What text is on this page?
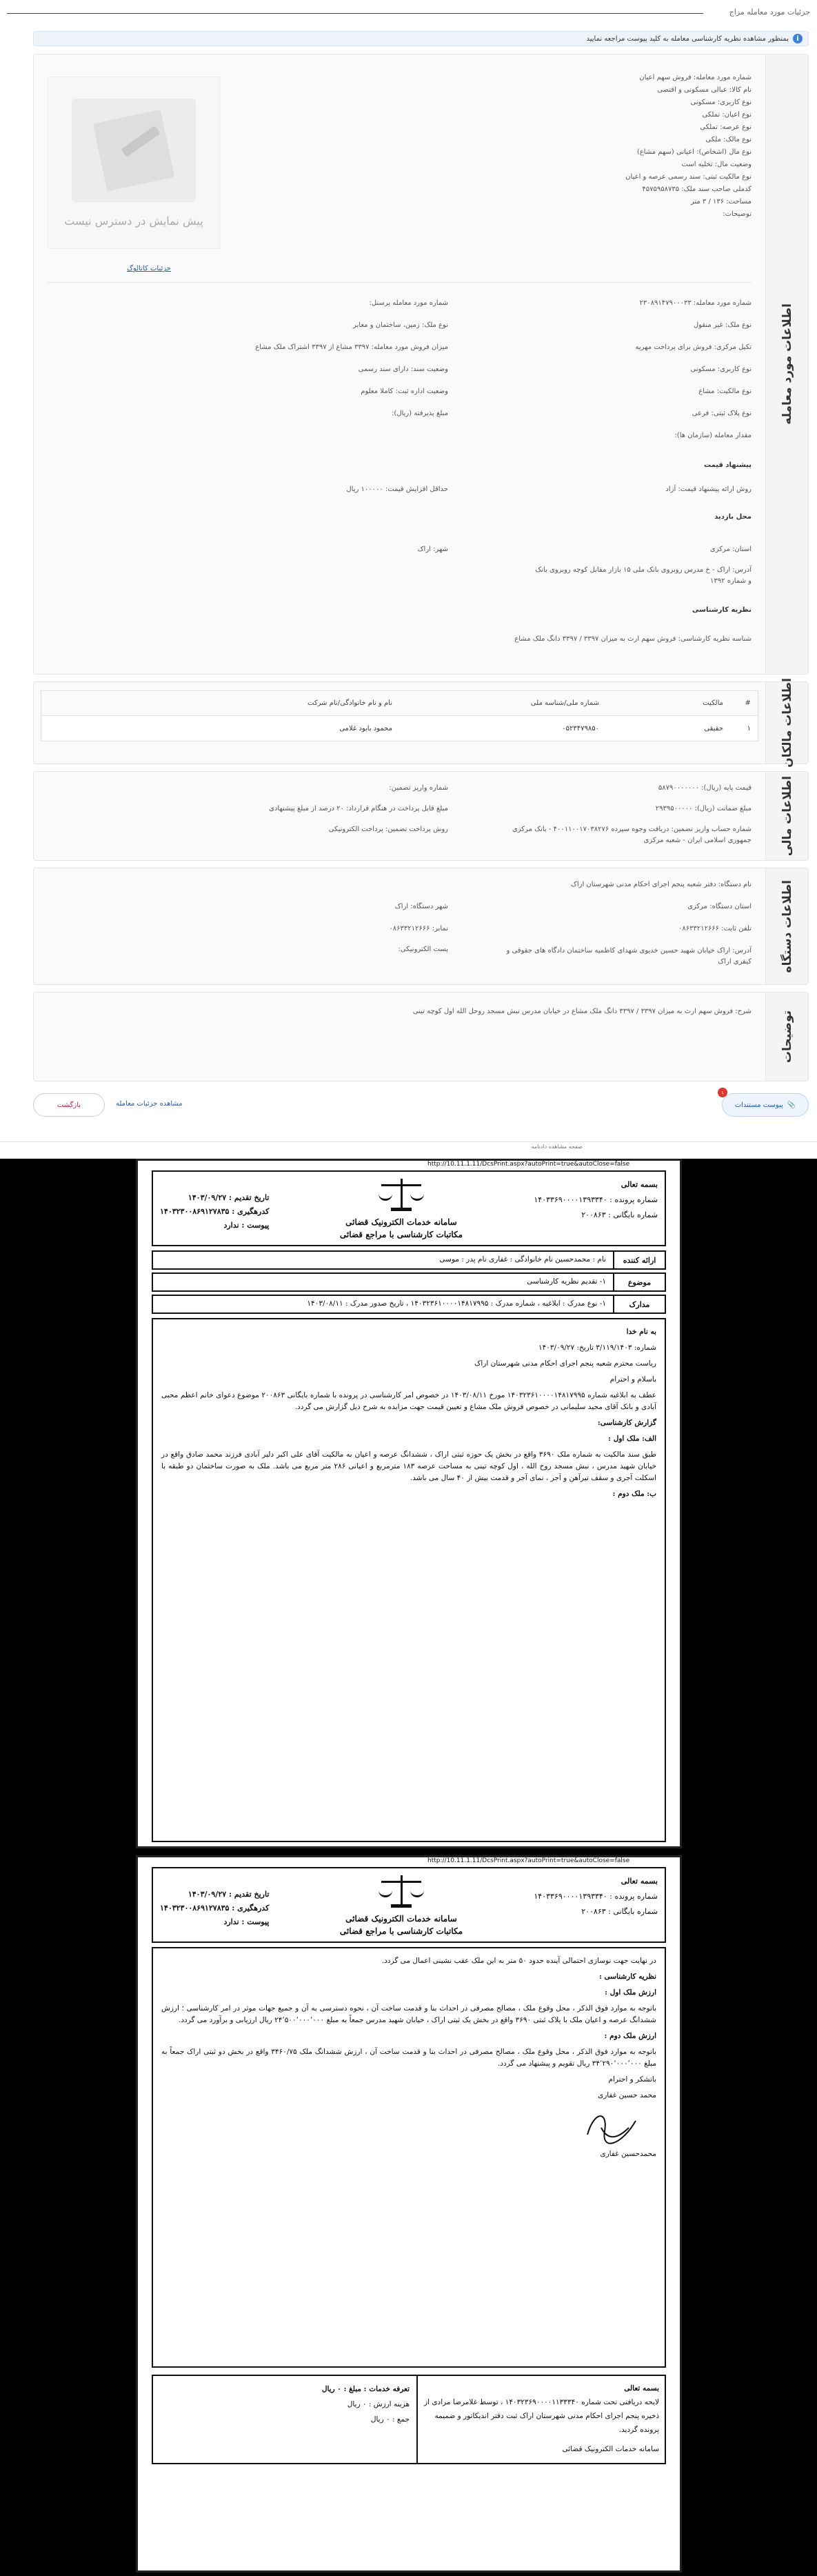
جزئیات مورد معامله مزاج
i
بمنظور مشاهده نظریه کارشناسی معامله به کلید پیوست مراجعه نمایید
اطلاعات مورد معامله
شماره مورد معامله: فروش سهم اعیان
نام کالا: عبالی مسکونی و اقتصی
نوع کاربری: مسکونی
نوع اعیان: تملکی
نوع عرصه: تملکی
نوع مالک: ملکی
نوع مال (اشخاص): اعیانی (سهم مشاع)
وضعیت مال: تخلیه است
نوع مالکیت ثبتی: سند رسمی عرصه و اعیان
کدملی صاحب سند ملک: ۴۵۷۵۹۵۸۷۳۵
مساحت: ۱۳۶ / ۳ متر
توضیحات:
پیش نمایش در دسترس نیست
جزئیات کاتالوگ
شماره مورد معامله: ۲۳۰۸۹۱۴۷۹۰۰۰۳۳
نوع ملک: غیر منقول
تکیل مرکزی: فروش برای پرداخت مهریه
نوع کاربری: مسکونی
نوع مالکیت: مشاع
نوع پلاک ثبتی: فرعی
مقدار معامله (سازمان ها):
شماره مورد معامله پرسنل:
نوع ملک: زمین، ساختمان و معابر
میزان فروش مورد معامله: ۳۳۹۷ مشاع از ۳۳۹۷ اشتراک ملک مشاع
وضعیت سند: دارای سند رسمی
وضعیت اداره ثبت: کاملا معلوم
مبلغ پذیرفته (ریال):
پیشنهاد قیمت
روش ارائه پیشنهاد قیمت: آزاد
حداقل افزایش قیمت: ۱۰۰۰۰۰ ریال
محل بازدید
استان: مرکزی
شهر: اراک
آدرس: اراک - خ مدرس روبروی بانک ملی ۱۵ بازار مقابل کوچه روبروی بانک و شماره ۱۳۹۲
نظریه کارشناسی
شناسه نظریه کارشناسی: فروش سهم ارث به میزان ۳۳۹۷ / ۳۳۹۷ دانگ ملک مشاع
اطلاعات مالکان
#
مالکیت
شماره ملی/شناسه ملی
نام و نام خانوادگی/نام شرکت
۱
حقیقی
۰۵۲۳۴۷۹۸۵۰
محمود بابود غلامی
اطلاعات مالی
قیمت پایه (ریال): ۵۸۷۹۰۰۰۰۰۰۰
مبلغ ضمانت (ریال): ۲۹۳۹۵۰۰۰۰۰
شماره حساب واریز تضمین: دریافت وجوه سپرده ۴۰۰۱۱۰۰۱۷۰۳۸۲۷۶ - بانک مرکزی جمهوری اسلامی ایران - شعبه مرکزی
شماره واریز تضمین:
مبلغ قابل پرداخت در هنگام قرارداد: ۲۰ درصد از مبلغ پیشنهادی
روش پرداخت تضمین: پرداخت الکترونیکی
اطلاعات دستگاه
نام دستگاه: دفتر شعبه پنجم اجرای احکام مدنی شهرستان اراک
استان دستگاه: مرکزی
تلفن ثابت: ۰۸۶۳۳۲۱۲۶۶۶
آدرس: اراک خیابان شهید حسین خدیوی شهدای کاظمیه ساختمان دادگاه های حقوقی و کیفری اراک
شهر دستگاه: اراک
نمابر: ۰۸۶۳۳۲۱۲۶۶۶
پست الکترونیکی:
توضیحات
شرح: فروش سهم ارث به میزان ۳۳۹۷ / ۳۳۹۷ دانگ ملک مشاع در خیابان مدرس نبش مسجد روحل الله اول کوچه تینی
📎
پیوست مستندات
۱
مشاهده جزئیات معامله
بازگشت
صفحه مشاهده دادنامه
http://10.11.1.11/DcsPrint.aspx?autoPrint=true&autoClose=false
بسمه تعالی
شماره پرونده : ۱۴۰۳۳۶۹۰۰۰۰۱۳۹۳۳۴۰
شماره بایگانی : ۲۰۰۸۶۳
سامانه خدمات الکترونیک قضائی
مکاتبات کارشناسی با مراجع قضائی
تاریخ تقدیم : ۱۴۰۳/۰۹/۲۷
کدرهگیری : ۱۴۰۳۲۳۰۰۸۶۹۱۲۷۸۳۵
پیوست : ندارد
ارائه کننده
نام : محمدحسین نام خانوادگی : غفاری نام پدر : موسی
موضوع
۱- تقدیم نظریه کارشناسی
مدارک
۱- نوع مدرک : ابلاغیه ، شماره مدرک : ۱۴۰۳۲۳۶۱۰۰۰۰۱۴۸۱۷۹۹۵ ، تاریخ صدور مدرک : ۱۴۰۳/۰۸/۱۱

به نام خدا

شماره: ۳/۱۱۹/۱۴۰۳ تاریخ: ۱۴۰۳/۰۹/۲۷

ریاست محترم شعبه پنجم اجرای احکام مدنی شهرستان اراک

باسلام و احترام

عطف به ابلاغیه شماره ۱۴۰۳۲۳۶۱۰۰۰۰۱۴۸۱۷۹۹۵ مورخ ۱۴۰۳/۰۸/۱۱ در خصوص امر کارشناسی در پرونده با شماره بایگانی ۲۰۰۸۶۳ موضوع دعوای خانم اعظم محبی آبادی و بانک آقای مجید سلیمانی در خصوص فروش ملک مشاع و تعیین قیمت جهت مزایده به شرح ذیل گزارش می گردد.

گزارش کارشناسی:

الف: ملک اول :

طبق سند مالکیت به شماره ملک ۳۶۹۰ واقع در بخش یک حوزه ثبتی اراک ، ششدانگ عرصه و اعیان به مالکیت آقای علی اکبر دلیر آبادی فرزند محمد صادق واقع در خیابان شهید مدرس ، نبش مسجد روح الله ، اول کوچه تینی به مساحت عرصه ۱۸۳ مترمربع و اعیانی ۲۸۶ متر مربع می باشد. ملک به صورت ساختمان دو طبقه با اسکلت آجری و سقف تیرآهن و آجر ، نمای آجر و قدمت بیش از ۴۰ سال می باشد.

ب: ملک دوم :

http://10.11.1.11/DcsPrint.aspx?autoPrint=true&autoClose=false
بسمه تعالی
شماره پرونده : ۱۴۰۳۳۶۹۰۰۰۰۱۳۹۳۳۴۰
شماره بایگانی : ۲۰۰۸۶۳
سامانه خدمات الکترونیک قضائی
مکاتبات کارشناسی با مراجع قضائی
تاریخ تقدیم : ۱۴۰۳/۰۹/۲۷
کدرهگیری : ۱۴۰۳۲۳۰۰۸۶۹۱۲۷۸۳۵
پیوست : ندارد

در نهایت جهت نوسازی احتمالی آینده حدود ۵۰ متر به این ملک عقب نشینی اعمال می گردد.

نظریه کارشناسی :

ارزش ملک اول :

باتوجه به موارد فوق الذکر ، محل وقوع ملک ، مصالح مصرفی در احداث بنا و قدمت ساخت آن ، نحوه دسترسی به آن و جمیع جهات موثر در امر کارشناسی ؛ ارزش ششدانگ عرصه و اعیان ملک با پلاک ثبتی ۳۶۹۰ واقع در بخش یک ثبتی اراک ، خیابان شهید مدرس جمعاً به مبلغ ۲۴٬۵۰۰٬۰۰۰٬۰۰۰ ریال ارزیابی و برآورد می گردد.

ارزش ملک دوم :

باتوجه به موارد فوق الذکر ، محل وقوع ملک ، مصالح مصرفی در احداث بنا و قدمت ساخت آن ، ارزش ششدانگ ملک ۳۴۶۰/۷۵ واقع در بخش دو ثبتی اراک جمعاً به مبلغ ۳۴٬۲۹۰٬۰۰۰٬۰۰۰ ریال تقویم و پیشنهاد می گردد.

باتشکر و احترام

محمد حسین غفاری

محمدحسین غفاری

بسمه تعالی
لایحه دریافتی تحت شماره ۱۴۰۳۲۳۶۹۰۰۰۰۱۱۳۳۳۴۰ ، توسط غلامرضا مرادی از ذخیره پنجم اجرای احکام مدنی شهرستان اراک ثبت دفتر اندیکاتور و ضمیمه پرونده گردید.
سامانه خدمات الکترونیک قضائی
تعرفه خدمات : مبلغ : ۰ ریال
هزینه ارزش : ۰ ریال
جمع : ۰ ریال
